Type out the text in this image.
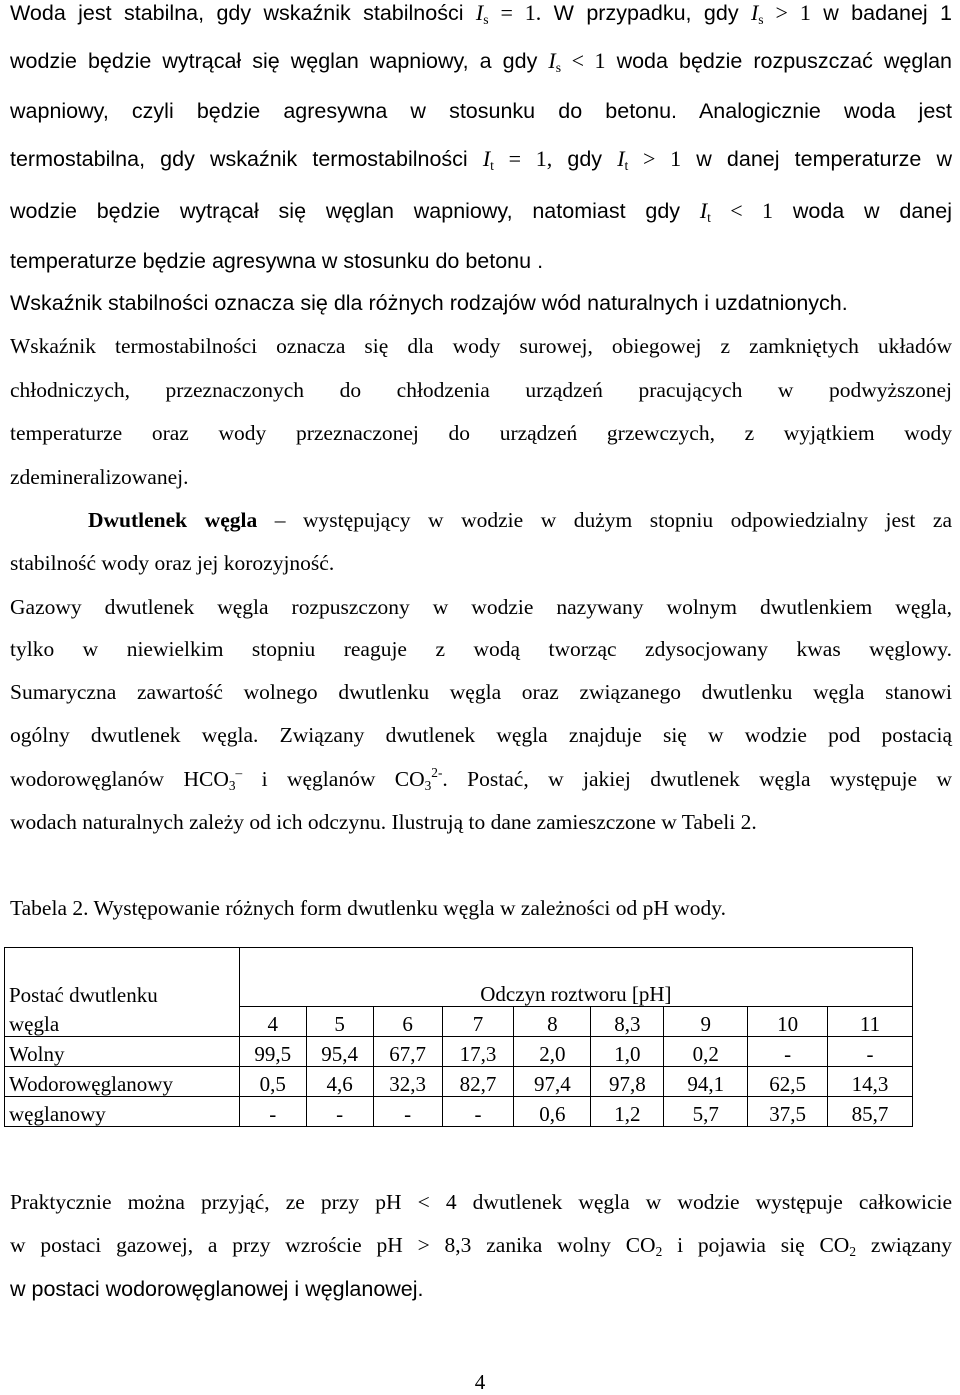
Woda jest stabilna, gdy wskaźnik stabilności $I_s = 1$. W przypadku, gdy $I_s > 1$ w badanej 1
wodzie będzie wytrącał się węglan wapniowy, a gdy $I_s < 1$ woda będzie rozpuszczać węglan
wapniowy, czyli będzie agresywna w stosunku do betonu. Analogicznie woda jest
termostabilna, gdy wskaźnik termostabilności $I_t = 1$, gdy $I_t > 1$ w danej temperaturze w
wodzie będzie wytrącał się węglan wapniowy, natomiast gdy $I_t < 1$ woda w danej
temperaturze będzie agresywna w stosunku do betonu .
Wskaźnik stabilności oznacza się dla różnych rodzajów wód naturalnych i uzdatnionych.
Wskaźnik termostabilności oznacza się dla wody surowej, obiegowej z zamkniętych układów
chłodniczych, przeznaczonych do chłodzenia urządzeń pracujących w podwyższonej
temperaturze oraz wody przeznaczonej do urządzeń grzewczych, z wyjątkiem wody
zdemineralizowanej.
Dwutlenek węgla – występujący w wodzie w dużym stopniu odpowiedzialny jest za
stabilność wody oraz jej korozyjność.
Gazowy dwutlenek węgla rozpuszczony w wodzie nazywany wolnym dwutlenkiem węgla,
tylko w niewielkim stopniu reaguje z wodą tworząc zdysocjowany kwas węglowy.
Sumaryczna zawartość wolnego dwutlenku węgla oraz związanego dwutlenku węgla stanowi
ogólny dwutlenek węgla. Związany dwutlenek węgla znajduje się w wodzie pod postacią
wodorowęglanów $HCO_3^-$ i węglanów $CO_3^{2-}$. Postać, w jakiej dwutlenek węgla występuje w
wodach naturalnych zależy od ich odczynu. Ilustrują to dane zamieszczone w Tabeli 2.
Tabela 2. Występowanie różnych form dwutlenku węgla w zależności od pH wody.
Postać dwutlenku	Odczyn roztworu [pH]								
węgla	4	5	6	7	8	8,3	9	10	11
Wolny	99,5	95,4	67,7	17,3	2,0	1,0	0,2	-	-
Wodorowęglanowy	0,5	4,6	32,3	82,7	97,4	97,8	94,1	62,5	14,3
węglanowy	-	-	-	-	0,6	1,2	5,7	37,5	85,7
Praktycznie można przyjąć, ze przy pH < 4 dwutlenek węgla w wodzie występuje całkowicie
w postaci gazowej, a przy wzroście pH > 8,3 zanika wolny $CO_2$ i pojawia się $CO_2$ związany
w postaci wodorowęglanowej i węglanowej.
4
